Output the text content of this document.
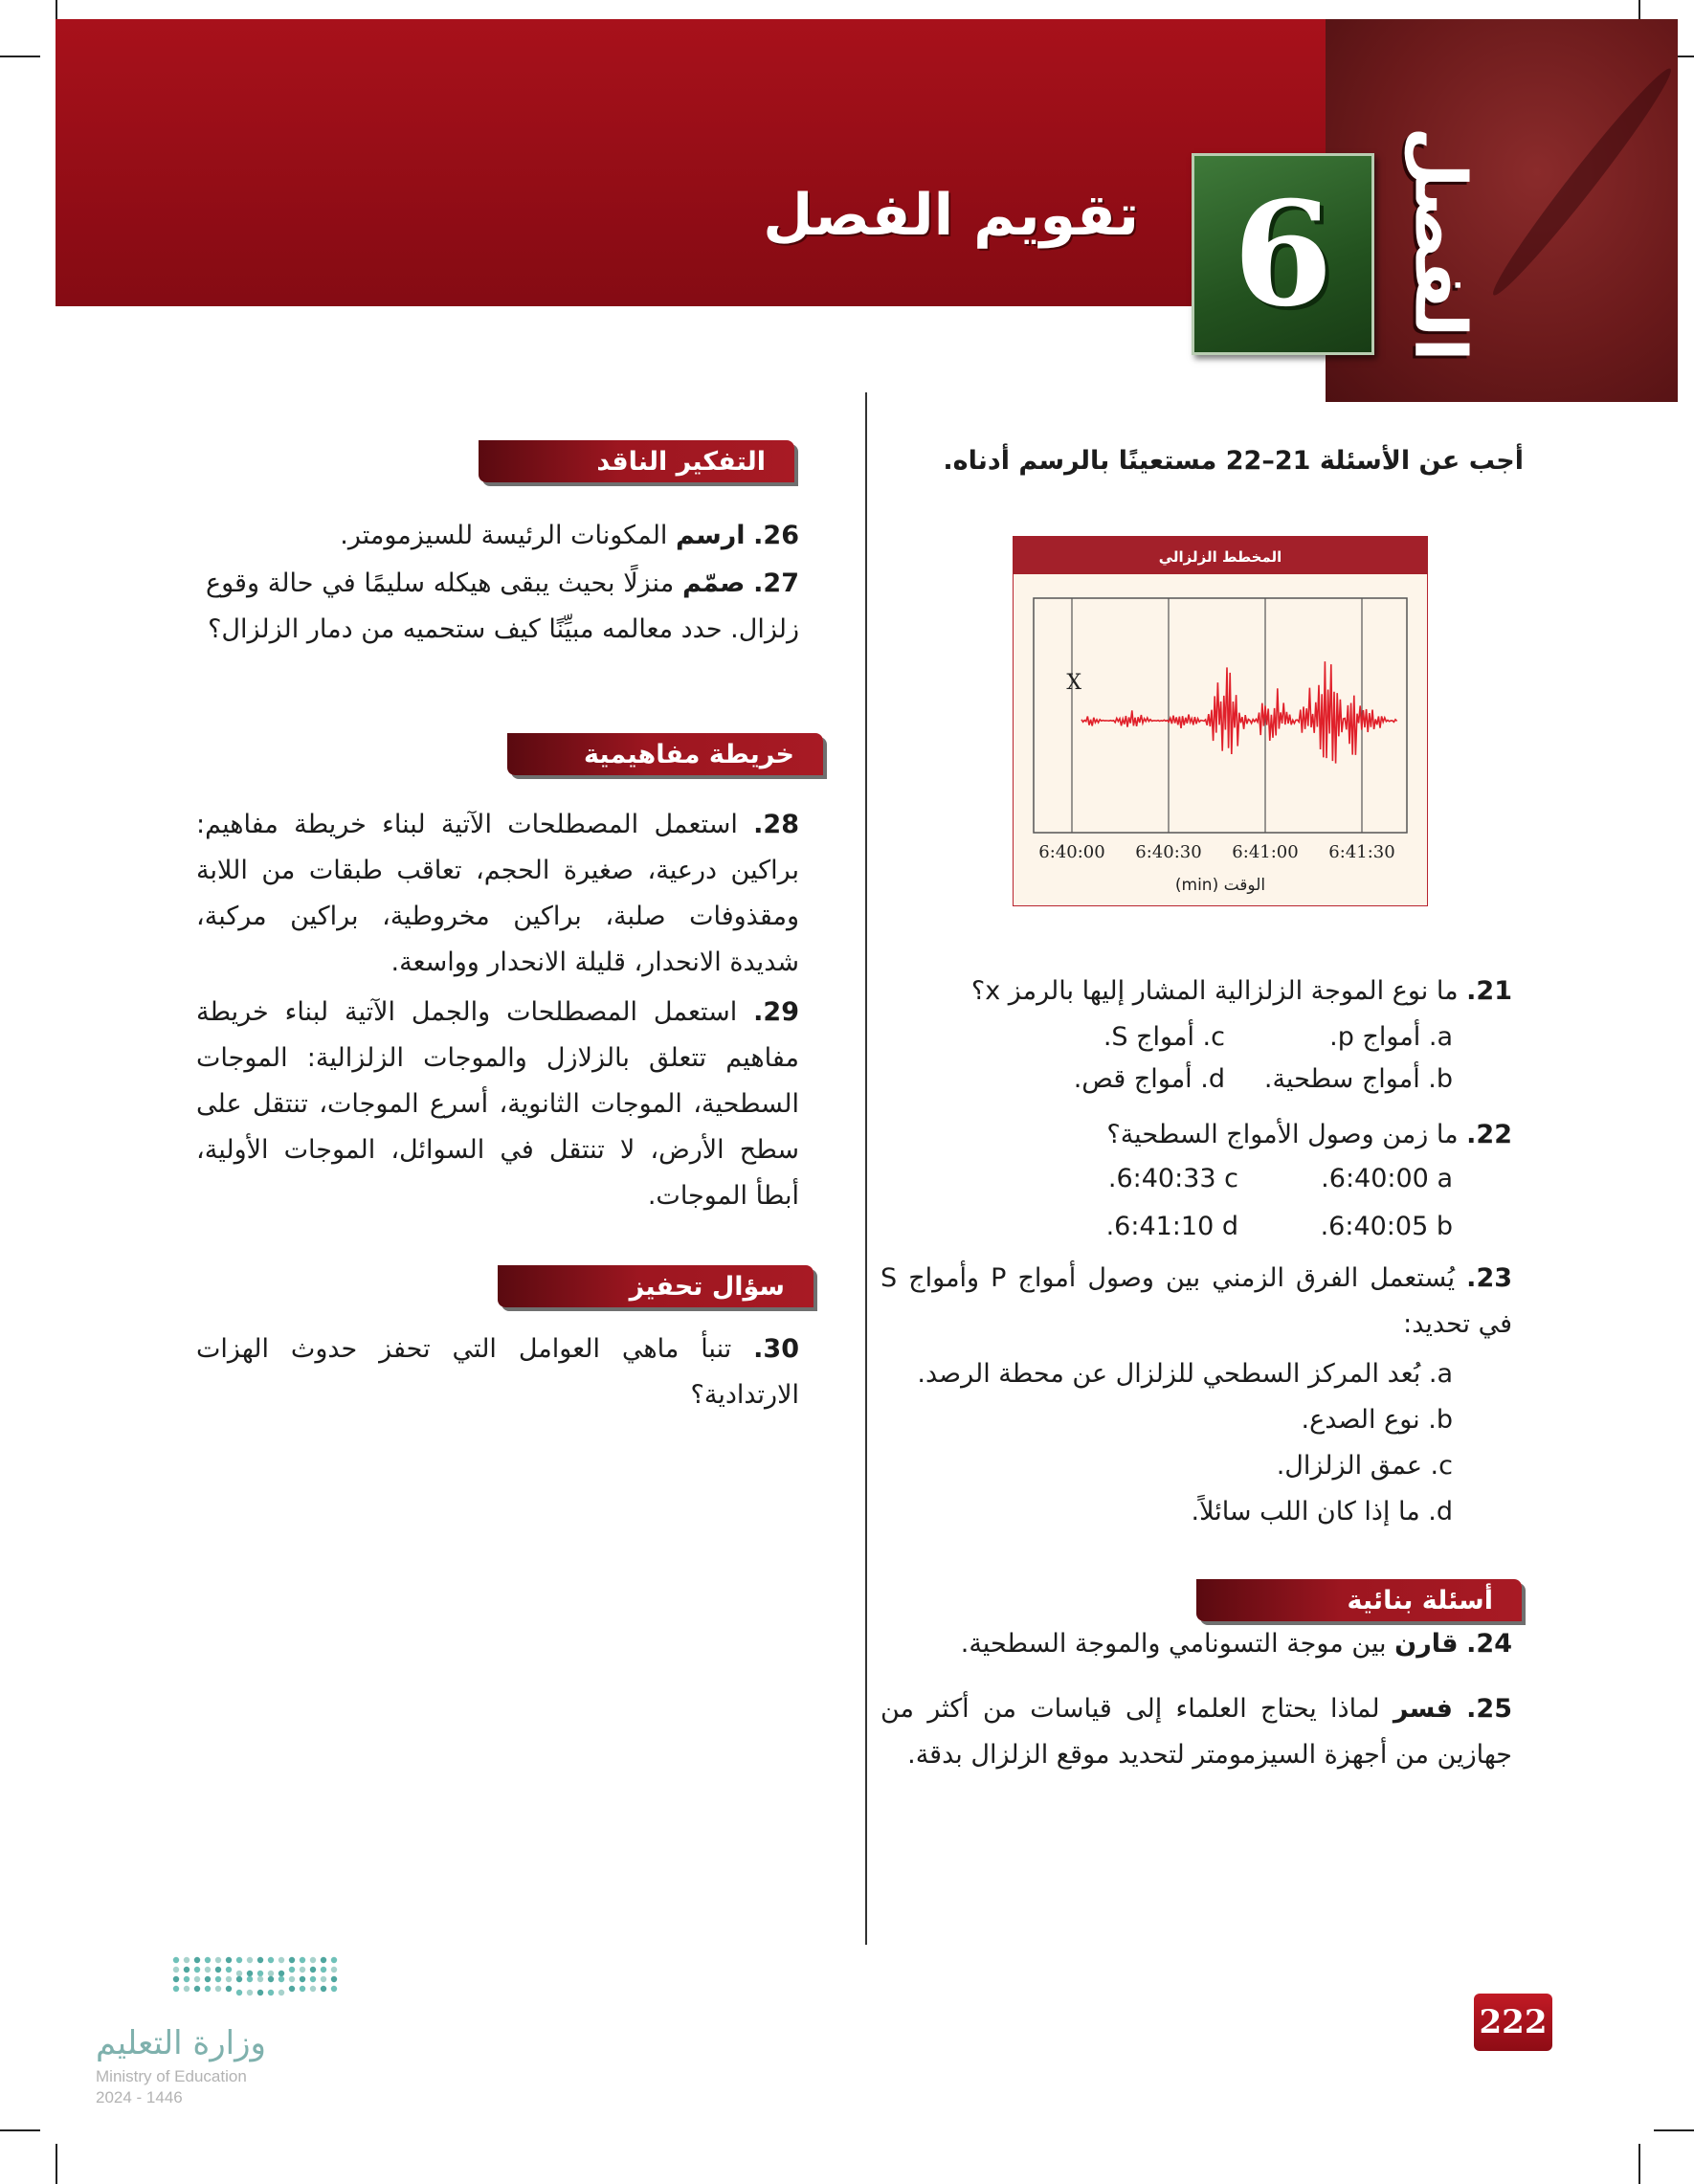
الفصل
6
تقويم الفصل
أجب عن الأسئلة 21–22 مستعينًا بالرسم أدناه.
المخطط الزلزالي
X
6:40:00 6:40:30 6:41:00 6:41:30
الوقت (min)
21. ما نوع الموجة الزلزالية المشار إليها بالرمز x؟
a. أمواج p.
c. أمواج S.
b. أمواج سطحية.
d. أمواج قص.
22. ما زمن وصول الأمواج السطحية؟
6:40:00 a.
6:40:33 c.
6:40:05 b.
6:41:10 d.
23. يُستعمل الفرق الزمني بين وصول أمواج P وأمواج S في تحديد:
a. بُعد المركز السطحي للزلزال عن محطة الرصد.
b. نوع الصدع.
c. عمق الزلزال.
d. ما إذا كان اللب سائلاً.
أسئلة بنائية
24. قارن بين موجة التسونامي والموجة السطحية.
25. فسر لماذا يحتاج العلماء إلى قياسات من أكثر من جهازين من أجهزة السيزمومتر لتحديد موقع الزلزال بدقة.
التفكير الناقد
26. ارسم المكونات الرئيسة للسيزمومتر.
27. صمّم منزلًا بحيث يبقى هيكله سليمًا في حالة وقوع زلزال. حدد معالمه مبيِّنًا كيف ستحميه من دمار الزلزال؟
خريطة مفاهيمية
28. استعمل المصطلحات الآتية لبناء خريطة مفاهيم: براكين درعية، صغيرة الحجم، تعاقب طبقات من اللابة ومقذوفات صلبة، براكين مخروطية، براكين مركبة، شديدة الانحدار، قليلة الانحدار وواسعة.
29. استعمل المصطلحات والجمل الآتية لبناء خريطة مفاهيم تتعلق بالزلازل والموجات الزلزالية: الموجات السطحية، الموجات الثانوية، أسرع الموجات، تنتقل على سطح الأرض، لا تنتقل في السوائل، الموجات الأولية، أبطأ الموجات.
سؤال تحفيز
30. تنبأ ماهي العوامل التي تحفز حدوث الهزات الارتدادية؟
222
وزارة التعليم
Ministry of Education
2024 - 1446
